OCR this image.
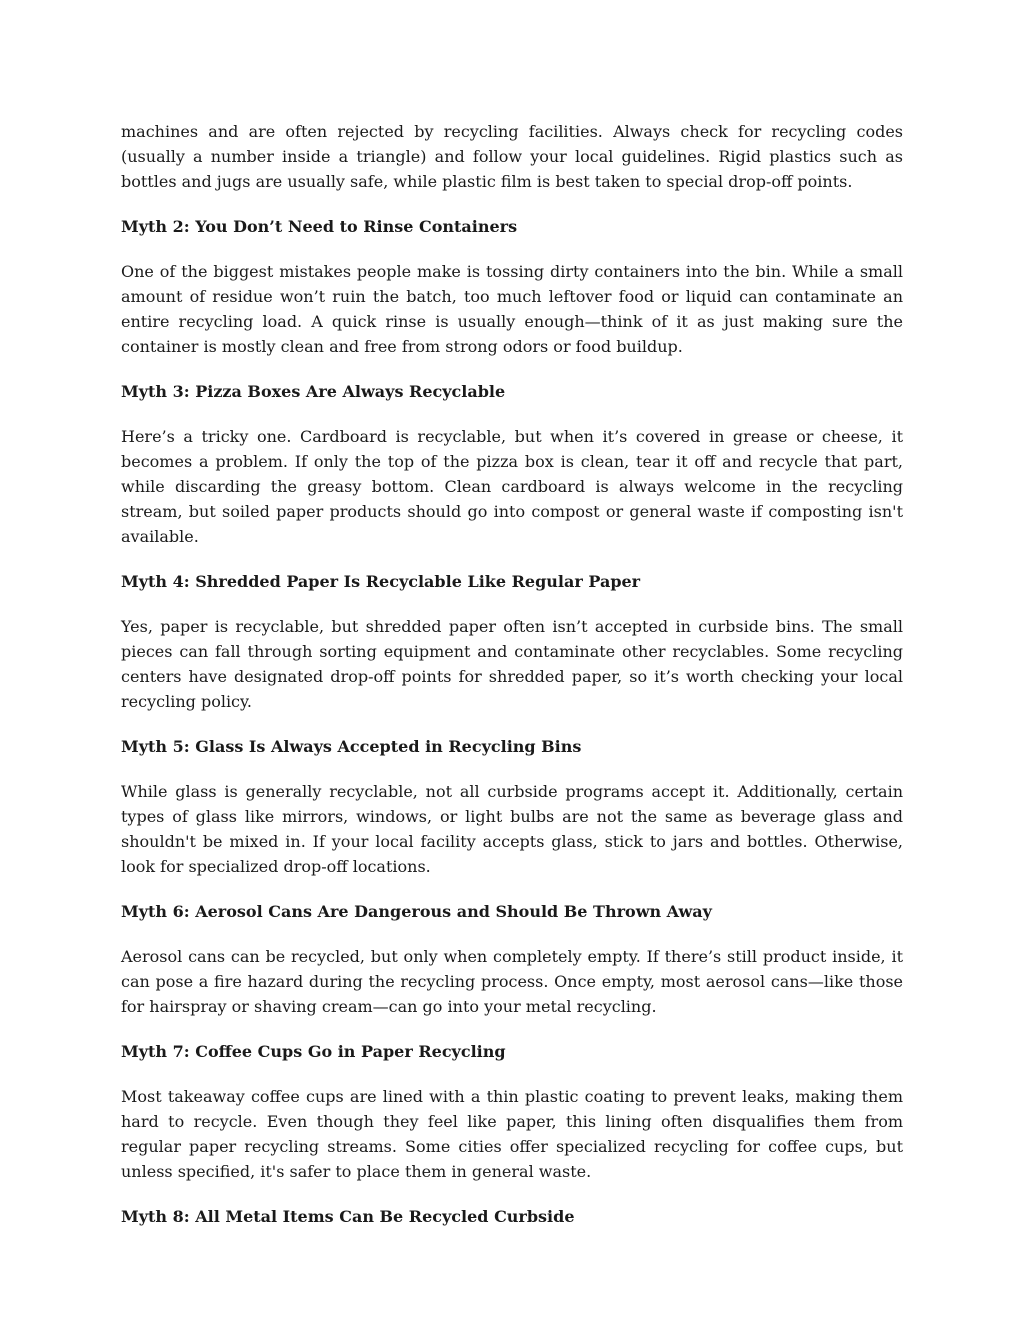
machines and are often rejected by recycling facilities. Always check for recycling codes (usually a number inside a triangle) and follow your local guidelines. Rigid plastics such as bottles and jugs are usually safe, while plastic film is best taken to special drop-off points.

Myth 2: You Don’t Need to Rinse Containers

One of the biggest mistakes people make is tossing dirty containers into the bin. While a small amount of residue won’t ruin the batch, too much leftover food or liquid can contaminate an entire recycling load. A quick rinse is usually enough—think of it as just making sure the container is mostly clean and free from strong odors or food buildup.

Myth 3: Pizza Boxes Are Always Recyclable

Here’s a tricky one. Cardboard is recyclable, but when it’s covered in grease or cheese, it becomes a problem. If only the top of the pizza box is clean, tear it off and recycle that part, while discarding the greasy bottom. Clean cardboard is always welcome in the recycling stream, but soiled paper products should go into compost or general waste if composting isn't available.

Myth 4: Shredded Paper Is Recyclable Like Regular Paper

Yes, paper is recyclable, but shredded paper often isn’t accepted in curbside bins. The small pieces can fall through sorting equipment and contaminate other recyclables. Some recycling centers have designated drop-off points for shredded paper, so it’s worth checking your local recycling policy.

Myth 5: Glass Is Always Accepted in Recycling Bins

While glass is generally recyclable, not all curbside programs accept it. Additionally, certain types of glass like mirrors, windows, or light bulbs are not the same as beverage glass and shouldn't be mixed in. If your local facility accepts glass, stick to jars and bottles. Otherwise, look for specialized drop-off locations.

Myth 6: Aerosol Cans Are Dangerous and Should Be Thrown Away

Aerosol cans can be recycled, but only when completely empty. If there’s still product inside, it can pose a fire hazard during the recycling process. Once empty, most aerosol cans—like those for hairspray or shaving cream—can go into your metal recycling.

Myth 7: Coffee Cups Go in Paper Recycling

Most takeaway coffee cups are lined with a thin plastic coating to prevent leaks, making them hard to recycle. Even though they feel like paper, this lining often disqualifies them from regular paper recycling streams. Some cities offer specialized recycling for coffee cups, but unless specified, it's safer to place them in general waste.

Myth 8: All Metal Items Can Be Recycled Curbside
